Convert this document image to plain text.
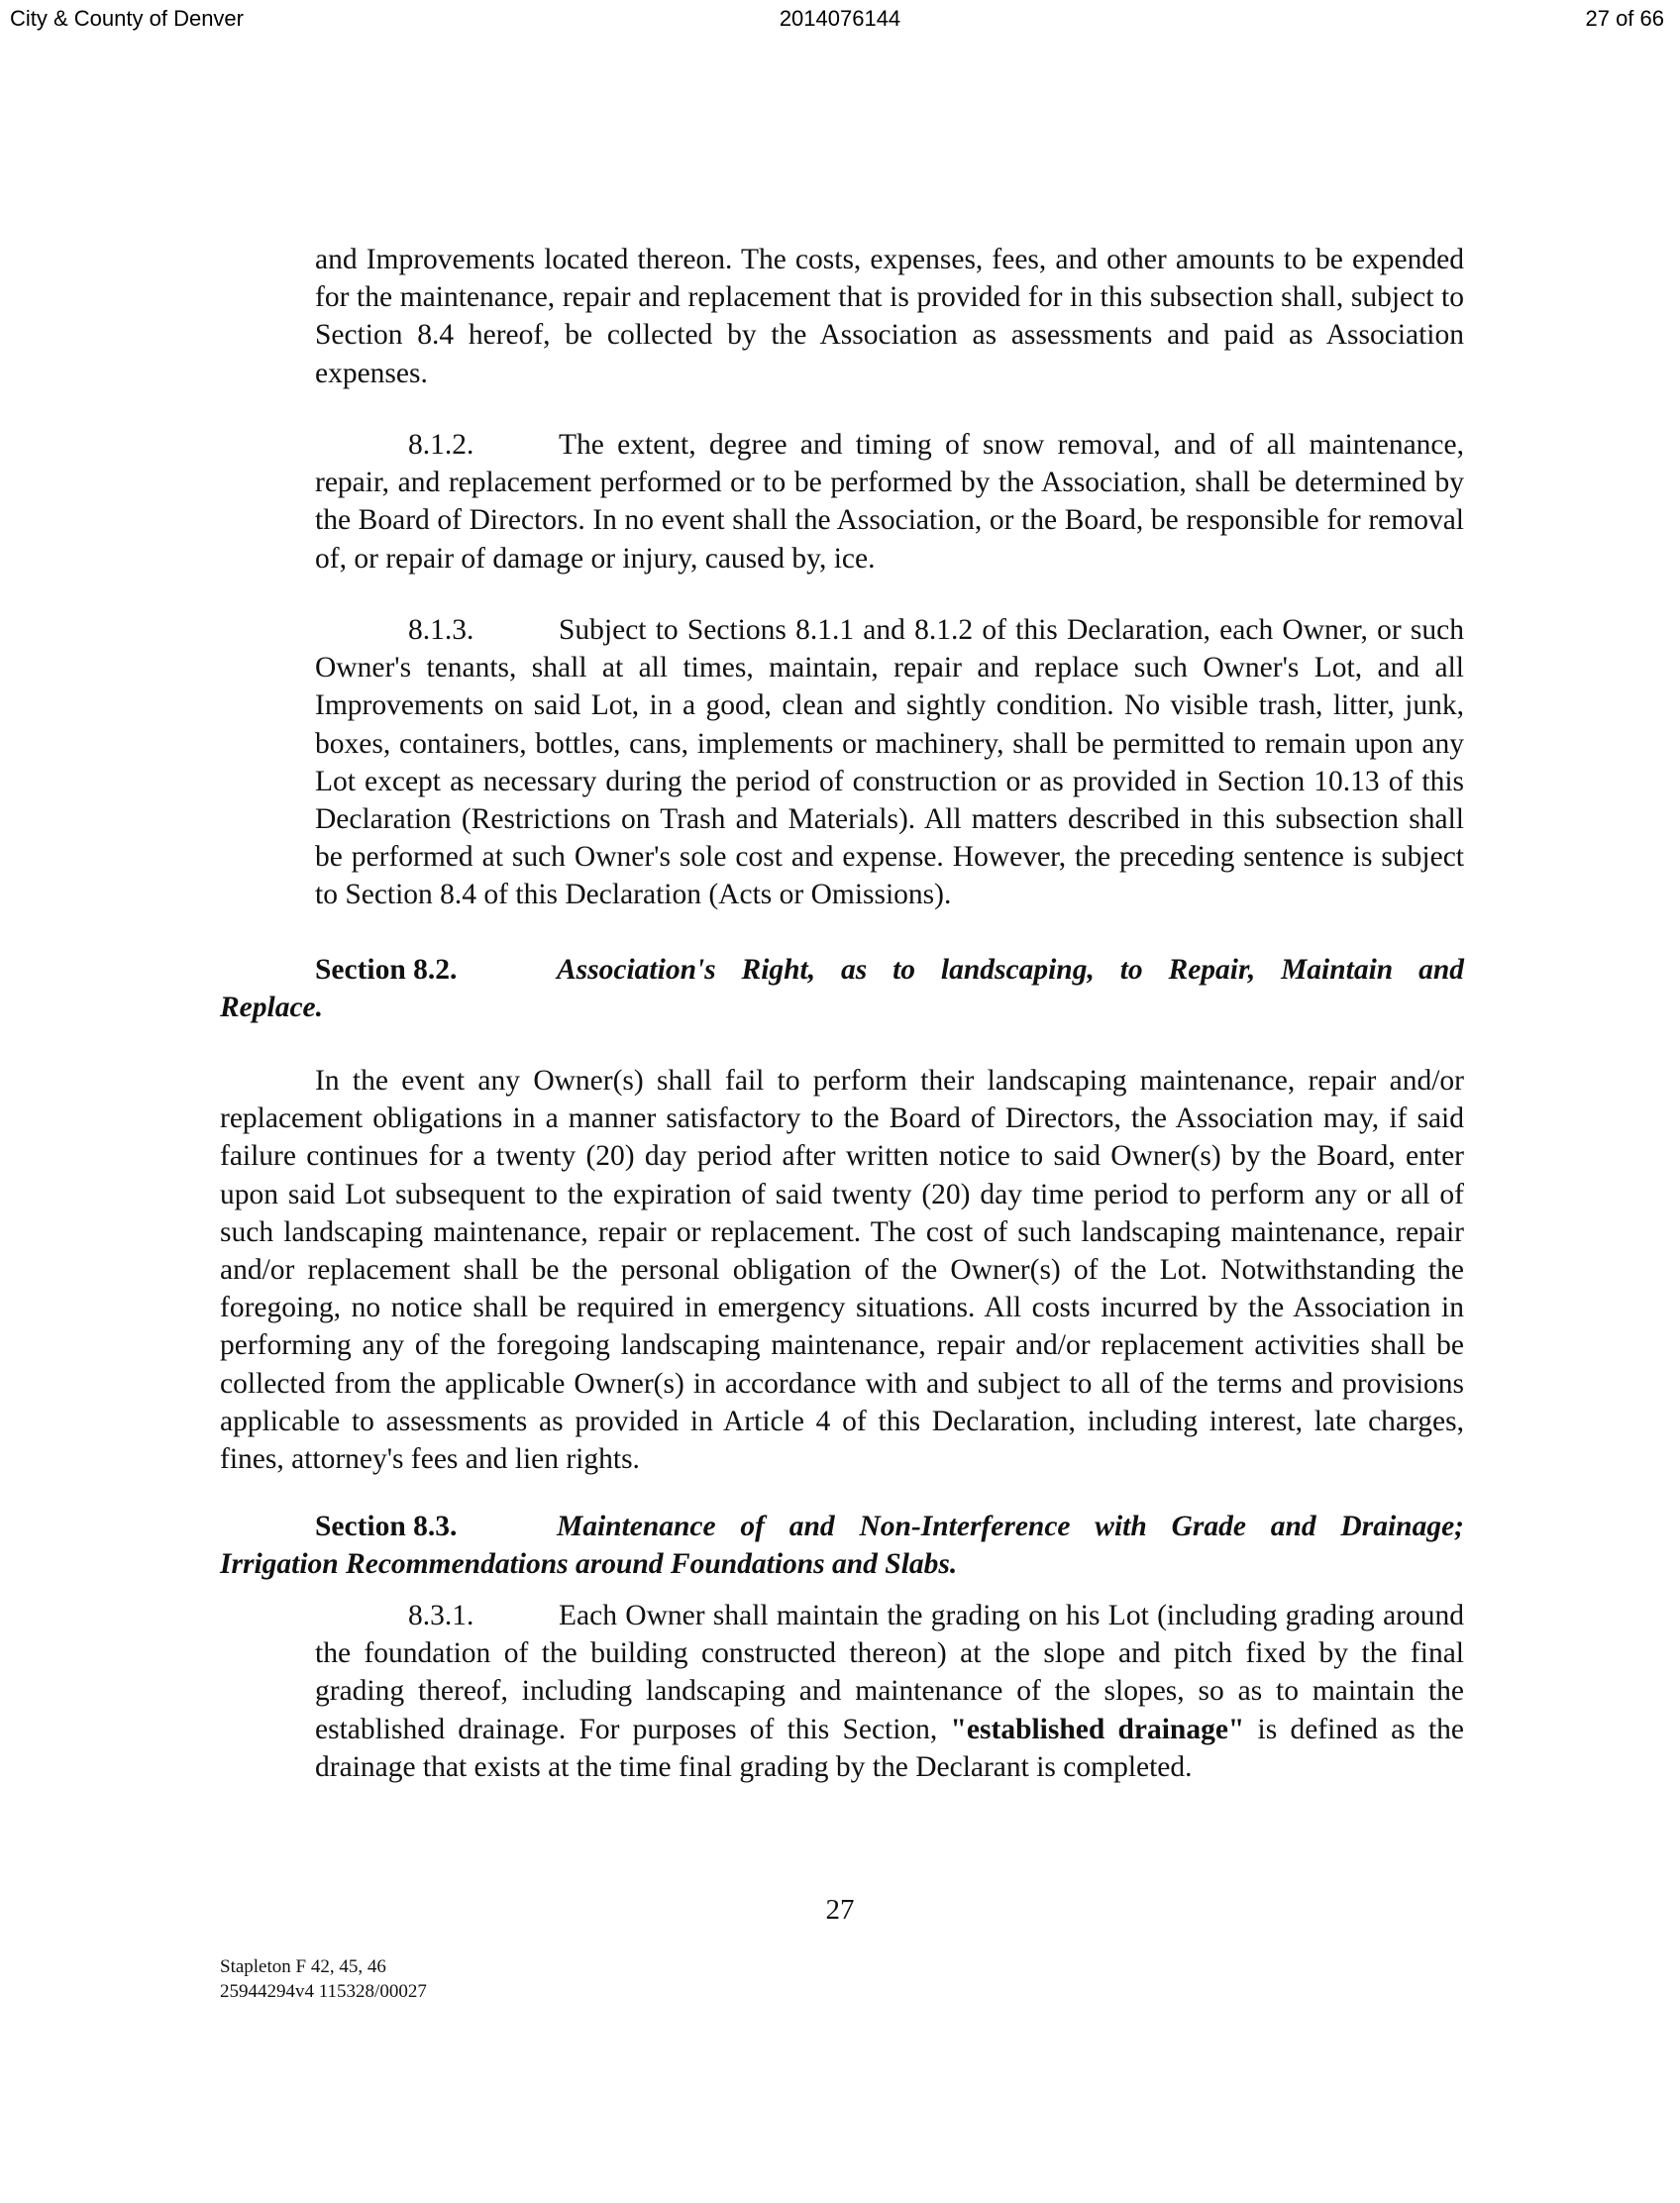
City & County of Denver	2014076144	27 of 66

and Improvements located thereon. The costs, expenses, fees, and other amounts to be expended for the maintenance, repair and replacement that is provided for in this subsection shall, subject to Section 8.4 hereof, be collected by the Association as assessments and paid as Association expenses.

8.1.2.	The extent, degree and timing of snow removal, and of all maintenance, repair, and replacement performed or to be performed by the Association, shall be determined by the Board of Directors. In no event shall the Association, or the Board, be responsible for removal of, or repair of damage or injury, caused by, ice.

8.1.3.	Subject to Sections 8.1.1 and 8.1.2 of this Declaration, each Owner, or such Owner's tenants, shall at all times, maintain, repair and replace such Owner's Lot, and all Improvements on said Lot, in a good, clean and sightly condition. No visible trash, litter, junk, boxes, containers, bottles, cans, implements or machinery, shall be permitted to remain upon any Lot except as necessary during the period of construction or as provided in Section 10.13 of this Declaration (Restrictions on Trash and Materials). All matters described in this subsection shall be performed at such Owner's sole cost and expense. However, the preceding sentence is subject to Section 8.4 of this Declaration (Acts or Omissions).

Section 8.2.	Association's Right, as to landscaping, to Repair, Maintain and
Replace.

In the event any Owner(s) shall fail to perform their landscaping maintenance, repair and/or replacement obligations in a manner satisfactory to the Board of Directors, the Association may, if said failure continues for a twenty (20) day period after written notice to said Owner(s) by the Board, enter upon said Lot subsequent to the expiration of said twenty (20) day time period to perform any or all of such landscaping maintenance, repair or replacement. The cost of such landscaping maintenance, repair and/or replacement shall be the personal obligation of the Owner(s) of the Lot. Notwithstanding the foregoing, no notice shall be required in emergency situations. All costs incurred by the Association in performing any of the foregoing landscaping maintenance, repair and/or replacement activities shall be collected from the applicable Owner(s) in accordance with and subject to all of the terms and provisions applicable to assessments as provided in Article 4 of this Declaration, including interest, late charges, fines, attorney's fees and lien rights.

Section 8.3.	Maintenance of and Non-Interference with Grade and Drainage;
Irrigation Recommendations around Foundations and Slabs.

8.3.1.	Each Owner shall maintain the grading on his Lot (including grading around the foundation of the building constructed thereon) at the slope and pitch fixed by the final grading thereof, including landscaping and maintenance of the slopes, so as to maintain the established drainage. For purposes of this Section, "established drainage" is defined as the drainage that exists at the time final grading by the Declarant is completed.

27
Stapleton F 42, 45, 46
25944294v4 115328/00027
